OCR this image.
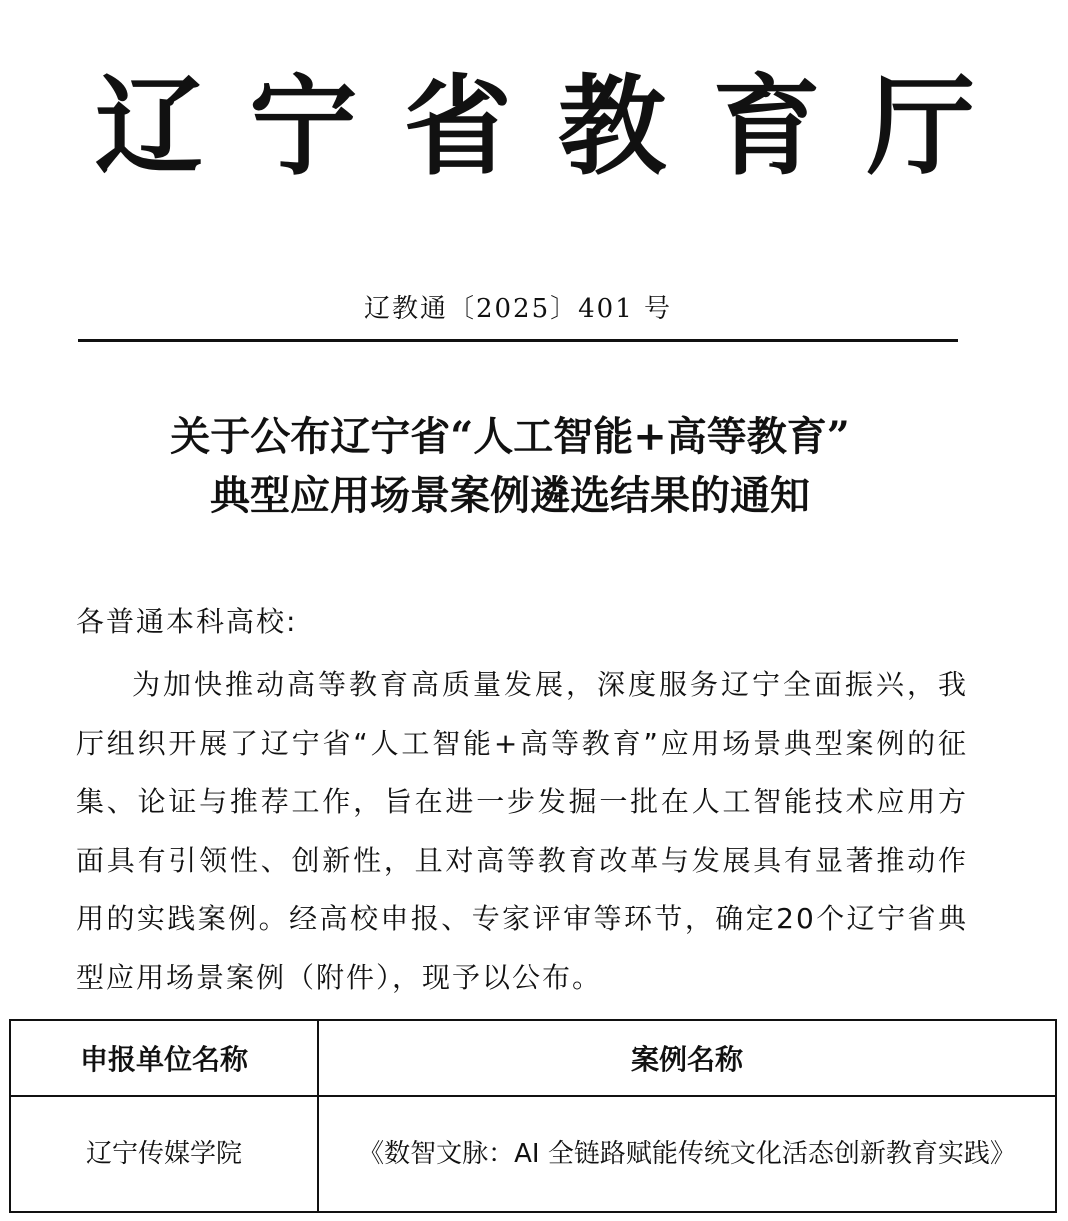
辽 宁 省 教 育 厅
辽教通〔2025〕401 号
关于公布辽宁省“人工智能+高等教育”
典型应用场景案例遴选结果的通知
各普通本科高校:

为加快推动高等教育高质量发展，深度服务辽宁全面振兴，我厅组织开展了辽宁省“人工智能+高等教育”应用场景典型案例的征集、论证与推荐工作，旨在进一步发掘一批在人工智能技术应用方面具有引领性、创新性，且对高等教育改革与发展具有显著推动作用的实践案例。经高校申报、专家评审等环节，确定20个辽宁省典型应用场景案例（附件），现予以公布。

申报单位名称	案例名称
辽宁传媒学院	《数智文脉：AI 全链路赋能传统文化活态创新教育实践》
